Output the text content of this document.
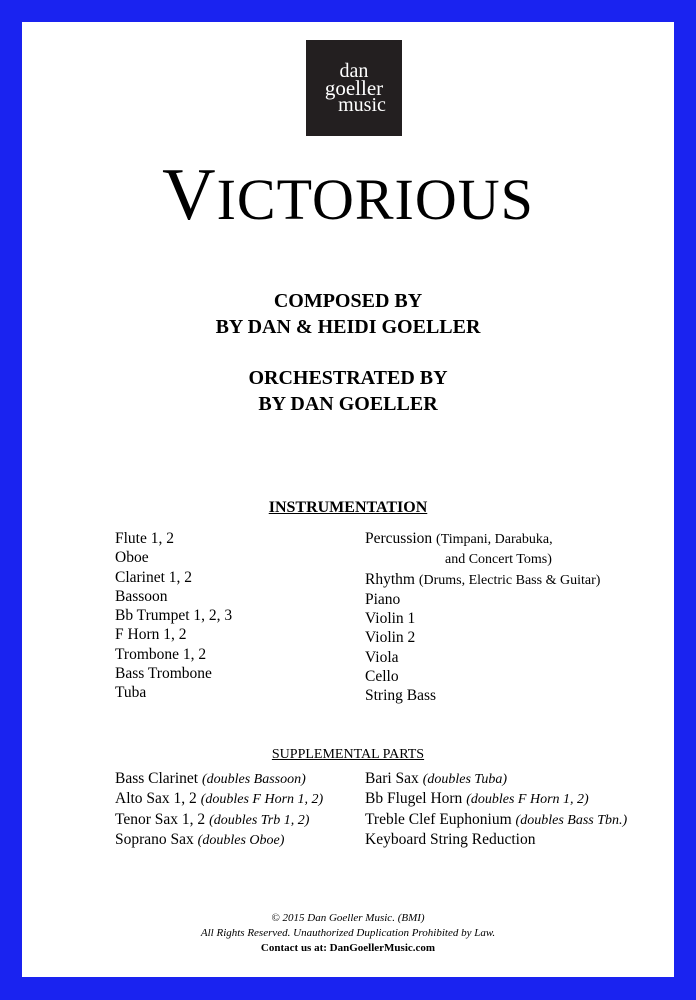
dan
goeller
music
VICTORIOUS
COMPOSED BY
BY DAN & HEIDI GOELLER
ORCHESTRATED BY
BY DAN GOELLER
INSTRUMENTATION
Flute 1, 2
Oboe
Clarinet 1, 2
Bassoon
Bb Trumpet 1, 2, 3
F Horn 1, 2
Trombone 1, 2
Bass Trombone
Tuba
Percussion (Timpani, Darabuka,
and Concert Toms)
Rhythm (Drums, Electric Bass & Guitar)
Piano
Violin 1
Violin 2
Viola
Cello
String Bass
SUPPLEMENTAL PARTS
Bass Clarinet (doubles Bassoon)
Alto Sax 1, 2 (doubles F Horn 1, 2)
Tenor Sax 1, 2 (doubles Trb 1, 2)
Soprano Sax (doubles Oboe)
Bari Sax (doubles Tuba)
Bb Flugel Horn (doubles F Horn 1, 2)
Treble Clef Euphonium (doubles Bass Tbn.)
Keyboard String Reduction
© 2015 Dan Goeller Music. (BMI)
All Rights Reserved. Unauthorized Duplication Prohibited by Law.
Contact us at: DanGoellerMusic.com
